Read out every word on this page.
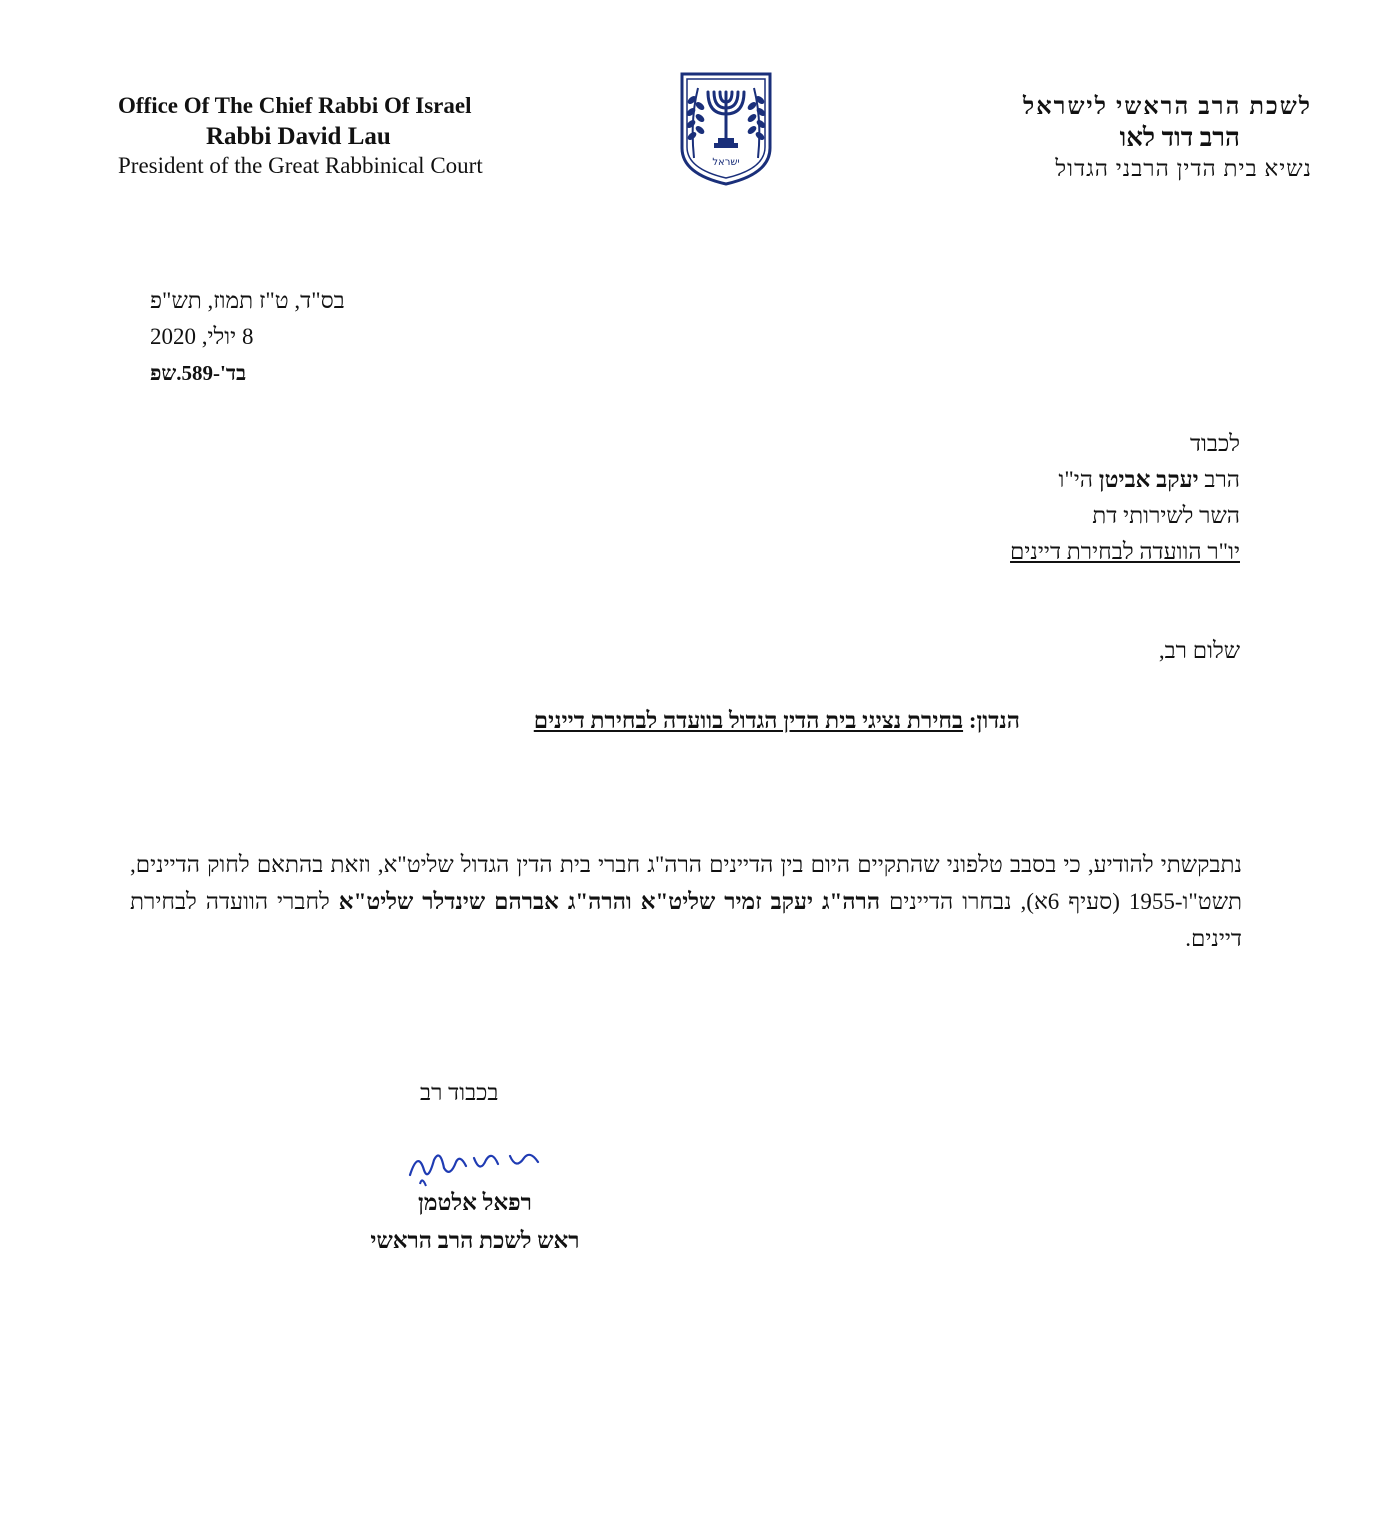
Office Of The Chief Rabbi Of Israel
Rabbi David Lau
President of the Great Rabbinical Court	ישראל
לשכת הרב הראשי לישראל
הרב דוד לאו
נשיא בית הדין הרבני הגדול
בס"ד, ט"ז תמוז, תש"פ
8 יולי, 2020
בד'-589.שפ
לכבוד
הרב יעקב אביטן הי"ו
השר לשירותי דת
יו"ר הוועדה לבחירת דיינים
שלום רב,
הנדון: בחירת נציגי בית הדין הגדול בוועדה לבחירת דיינים
נתבקשתי להודיע, כי בסבב טלפוני שהתקיים היום בין הדיינים הרה"ג חברי בית הדין הגדול שליט"א, וזאת בהתאם לחוק הדיינים, תשט"ו-1955 (סעיף 6א), נבחרו הדיינים הרה"ג יעקב זמיר שליט"א והרה"ג אברהם שינדלר שליט"א לחברי הוועדה לבחירת דיינים.
בכבוד רב
רפאל אלטמן
ראש לשכת הרב הראשי
